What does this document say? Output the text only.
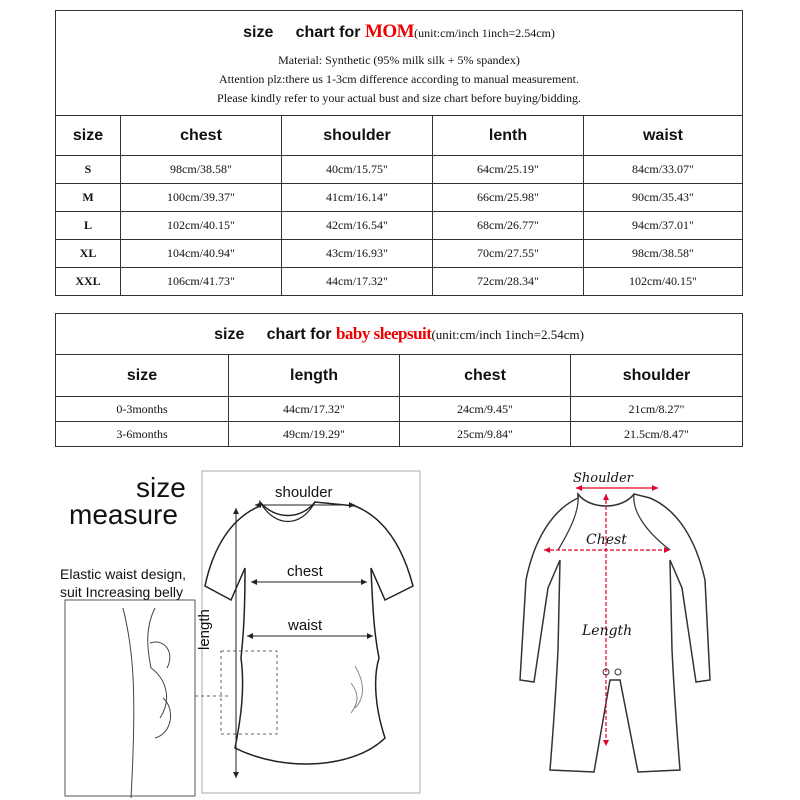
size chart for MOM(unit:cm/inch 1inch=2.54cm)
Material: Synthetic (95% milk silk + 5% spandex)
Attention plz:there us 1-3cm difference according to manual measurement.
Please kindly refer to your actual bust and size chart before buying/bidding.				

size	chest	shoulder	lenth	waist
S	98cm/38.58"	40cm/15.75"	64cm/25.19"	84cm/33.07"
M	100cm/39.37"	41cm/16.14"	66cm/25.98"	90cm/35.43"
L	102cm/40.15"	42cm/16.54"	68cm/26.77"	94cm/37.01"
XL	104cm/40.94"	43cm/16.93"	70cm/27.55"	98cm/38.58"
XXL	106cm/41.73"	44cm/17.32"	72cm/28.34"	102cm/40.15"
size chart for baby sleepsuit(unit:cm/inch 1inch=2.54cm)			

size	length	chest	shoulder
0-3months	44cm/17.32"	24cm/9.45"	21cm/8.27"
3-6months	49cm/19.29"	25cm/9.84"	21.5cm/8.47"
size
measure
Elastic waist design,
suit Increasing belly
shoulder
chest
waist
length
Shoulder
Chest
Length
